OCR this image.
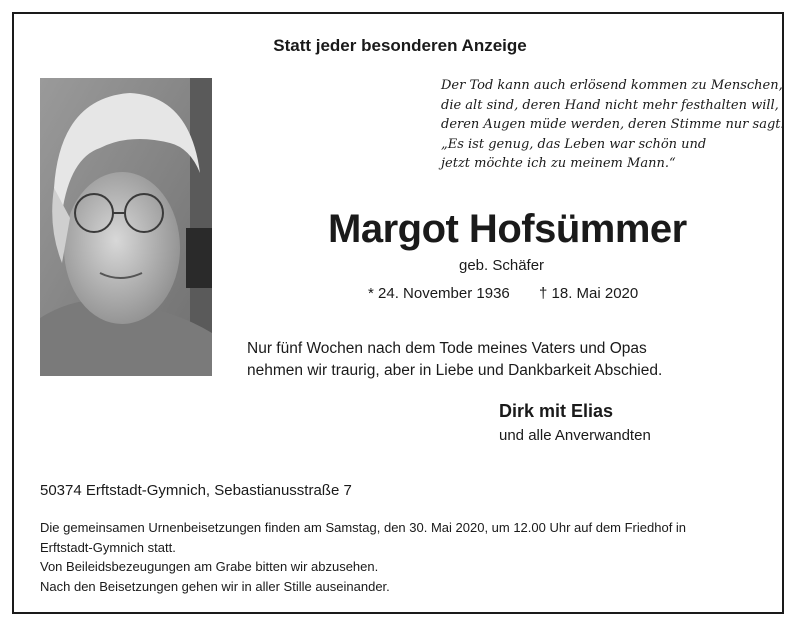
Statt jeder besonderen Anzeige
Der Tod kann auch erlösend kommen zu Menschen,
die alt sind, deren Hand nicht mehr festhalten will,
deren Augen müde werden, deren Stimme nur sagt:
„Es ist genug, das Leben war schön und
jetzt möchte ich zu meinem Mann.“
Margot Hofsümmer
geb. Schäfer
* 24. November 1936 † 18. Mai 2020
Nur fünf Wochen nach dem Tode meines Vaters und Opas
nehmen wir traurig, aber in Liebe und Dankbarkeit Abschied.
Dirk mit Elias
und alle Anverwandten
50374 Erftstadt-Gymnich, Sebastianusstraße 7
Die gemeinsamen Urnenbeisetzungen finden am Samstag, den 30. Mai 2020, um 12.00 Uhr auf dem Friedhof in
Erftstadt-Gymnich statt.
Von Beileidsbezeugungen am Grabe bitten wir abzusehen.
Nach den Beisetzungen gehen wir in aller Stille auseinander.
